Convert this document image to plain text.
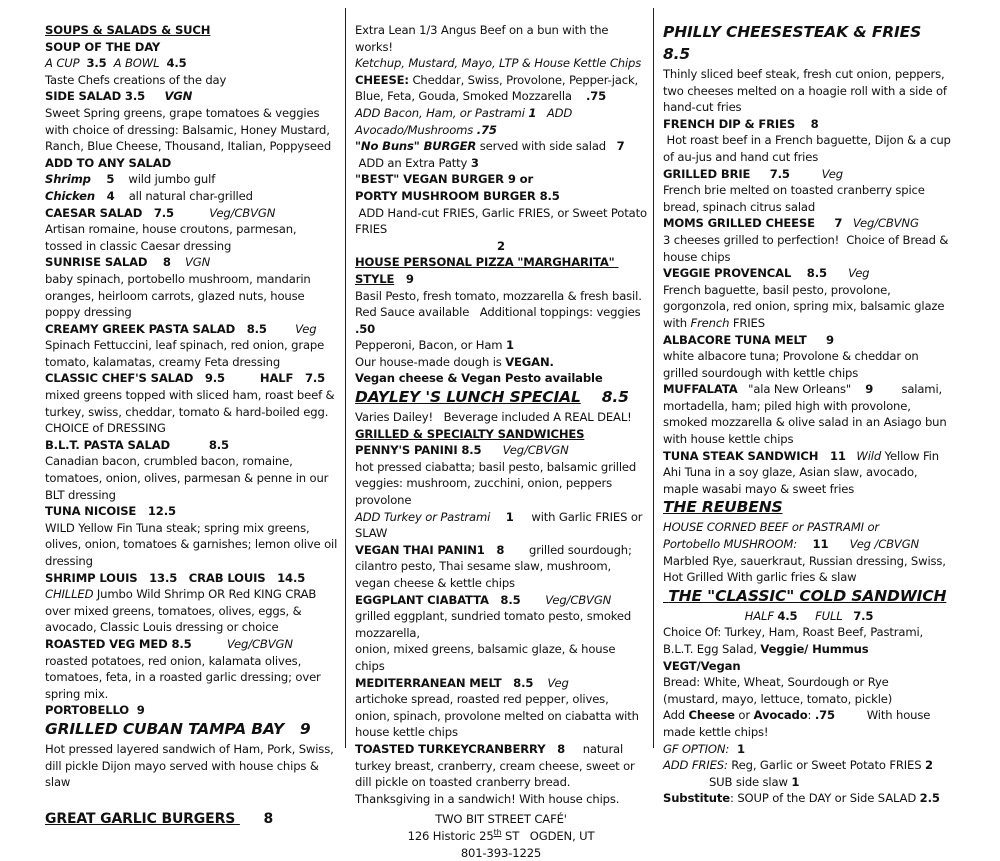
SOUPS & SALADS & SUCH
SOUP OF THE DAY
A CUP  3.5  A BOWL  4.5
Taste Chefs creations of the day
SIDE SALAD 3.5     VGN
Sweet Spring greens, grape tomatoes & veggies with choice of dressing: Balsamic, Honey Mustard, Ranch, Blue Cheese, Thousand, Italian, Poppyseed
ADD TO ANY SALAD
Shrimp    5    wild jumbo gulf
Chicken   4    all natural char-grilled
CAESAR SALAD   7.5          Veg/CBVGN
Artisan romaine, house croutons, parmesan,
tossed in classic Caesar dressing
SUNRISE SALAD    8    VGN
baby spinach, portobello mushroom, mandarin oranges, heirloom carrots, glazed nuts, house poppy dressing
CREAMY GREEK PASTA SALAD   8.5        Veg
Spinach Fettuccini, leaf spinach, red onion, grape tomato, kalamatas, creamy Feta dressing
CLASSIC CHEF'S SALAD   9.5         HALF   7.5
mixed greens topped with sliced ham, roast beef & turkey, swiss, cheddar, tomato & hard-boiled egg. CHOICE of DRESSING
B.L.T. PASTA SALAD          8.5
Canadian bacon, crumbled bacon, romaine, tomatoes, onion, olives, parmesan & penne in our BLT dressing
TUNA NICOISE   12.5
WILD Yellow Fin Tuna steak; spring mix greens, olives, onion, tomatoes & garnishes; lemon olive oil dressing
SHRIMP LOUIS   13.5   CRAB LOUIS   14.5
CHILLED Jumbo Wild Shrimp OR Red KING CRAB over mixed greens, tomatoes, olives, eggs, & avocado, Classic Louis dressing or choice
ROASTED VEG MED 8.5          Veg/CBVGN
roasted potatoes, red onion, kalamata olives, tomatoes, feta, in a roasted garlic dressing; over spring mix.
PORTOBELLO  9
GRILLED CUBAN TAMPA BAY   9
Hot pressed layered sandwich of Ham, Pork, Swiss, dill pickle Dijon mayo served with house chips & slaw
GREAT GARLIC BURGERS      8
Extra Lean 1/3 Angus Beef on a bun with the works!
Ketchup, Mustard, Mayo, LTP & House Kettle Chips
CHEESE: Cheddar, Swiss, Provolone, Pepper-jack, Blue, Feta, Gouda, Smoked Mozzarella    .75
ADD Bacon, Ham, or Pastrami 1   ADD Avocado/Mushrooms .75
"No Buns" BURGER served with side salad   7
ADD an Extra Patty 3
"BEST" VEGAN BURGER 9 or
PORTY MUSHROOM BURGER 8.5
ADD Hand-cut FRIES, Garlic FRIES, or Sweet Potato FRIES
2
HOUSE PERSONAL PIZZA "MARGHARITA" STYLE   9
Basil Pesto, fresh tomato, mozzarella & fresh basil.
Red Sauce available   Additional toppings: veggies .50
Pepperoni, Bacon, or Ham 1
Our house-made dough is VEGAN.
Vegan cheese & Vegan Pesto available
DAYLEY 'S LUNCH SPECIAL    8.5
Varies Dailey!   Beverage included A REAL DEAL!
GRILLED & SPECIALTY SANDWICHES
PENNY'S PANINI 8.5      Veg/CBVGN
hot pressed ciabatta; basil pesto, balsamic grilled veggies: mushroom, zucchini, onion, peppers provolone
ADD Turkey or Pastrami    1     with Garlic FRIES or SLAW
VEGAN THAI PANIN1   8       grilled sourdough; cilantro pesto, Thai sesame slaw, mushroom, vegan cheese & kettle chips
EGGPLANT CIABATTA   8.5       Veg/CBVGN
grilled eggplant, sundried tomato pesto, smoked mozzarella,
onion, mixed greens, balsamic glaze, & house chips
MEDITERRANEAN MELT   8.5    Veg
artichoke spread, roasted red pepper, olives, onion, spinach, provolone melted on ciabatta with house kettle chips
TOASTED TURKEYCRANBERRY   8     natural turkey breast, cranberry, cream cheese, sweet or dill pickle on toasted cranberry bread. Thanksgiving in a sandwich! With house chips.
TWO BIT STREET CAFÉ'
126 Historic 25th ST   OGDEN, UT
801-393-1225
PHILLY CHEESESTEAK & FRIES   8.5
Thinly sliced beef steak, fresh cut onion, peppers, two cheeses melted on a hoagie roll with a side of hand-cut fries
FRENCH DIP & FRIES    8
Hot roast beef in a French baguette, Dijon & a cup of au-jus and hand cut fries
GRILLED BRIE     7.5         Veg
French brie melted on toasted cranberry spice bread, spinach citrus salad
MOMS GRILLED CHEESE     7   Veg/CBVNG
3 cheeses grilled to perfection!  Choice of Bread & house chips
VEGGIE PROVENCAL    8.5      Veg
French baguette, basil pesto, provolone, gorgonzola, red onion, spring mix, balsamic glaze with French FRIES
ALBACORE TUNA MELT     9
white albacore tuna; Provolone & cheddar on grilled sourdough with kettle chips
MUFFALATA   "ala New Orleans"    9        salami, mortadella, ham; piled high with provolone, smoked mozzarella & olive salad in an Asiago bun with house kettle chips
TUNA STEAK SANDWICH   11   Wild Yellow Fin Ahi Tuna in a soy glaze, Asian slaw, avocado, maple wasabi mayo & sweet fries
THE REUBENS
HOUSE CORNED BEEF or PASTRAMI or
Portobello MUSHROOM:    11      Veg /CBVGN
Marbled Rye, sauerkraut, Russian dressing, Swiss, Hot Grilled With garlic fries & slaw
THE "CLASSIC" COLD SANDWICH
HALF 4.5     FULL   7.5
Choice Of: Turkey, Ham, Roast Beef, Pastrami, B.L.T. Egg Salad, Veggie/ Hummus      VEGT/Vegan
Bread: White, Wheat, Sourdough or Rye
(mustard, mayo, lettuce, tomato, pickle)
Add Cheese or Avocado: .75         With house made kettle chips!
GF OPTION:  1
ADD FRIES: Reg, Garlic or Sweet Potato FRIES 2
SUB side slaw 1
Substitute: SOUP of the DAY or Side SALAD 2.5
